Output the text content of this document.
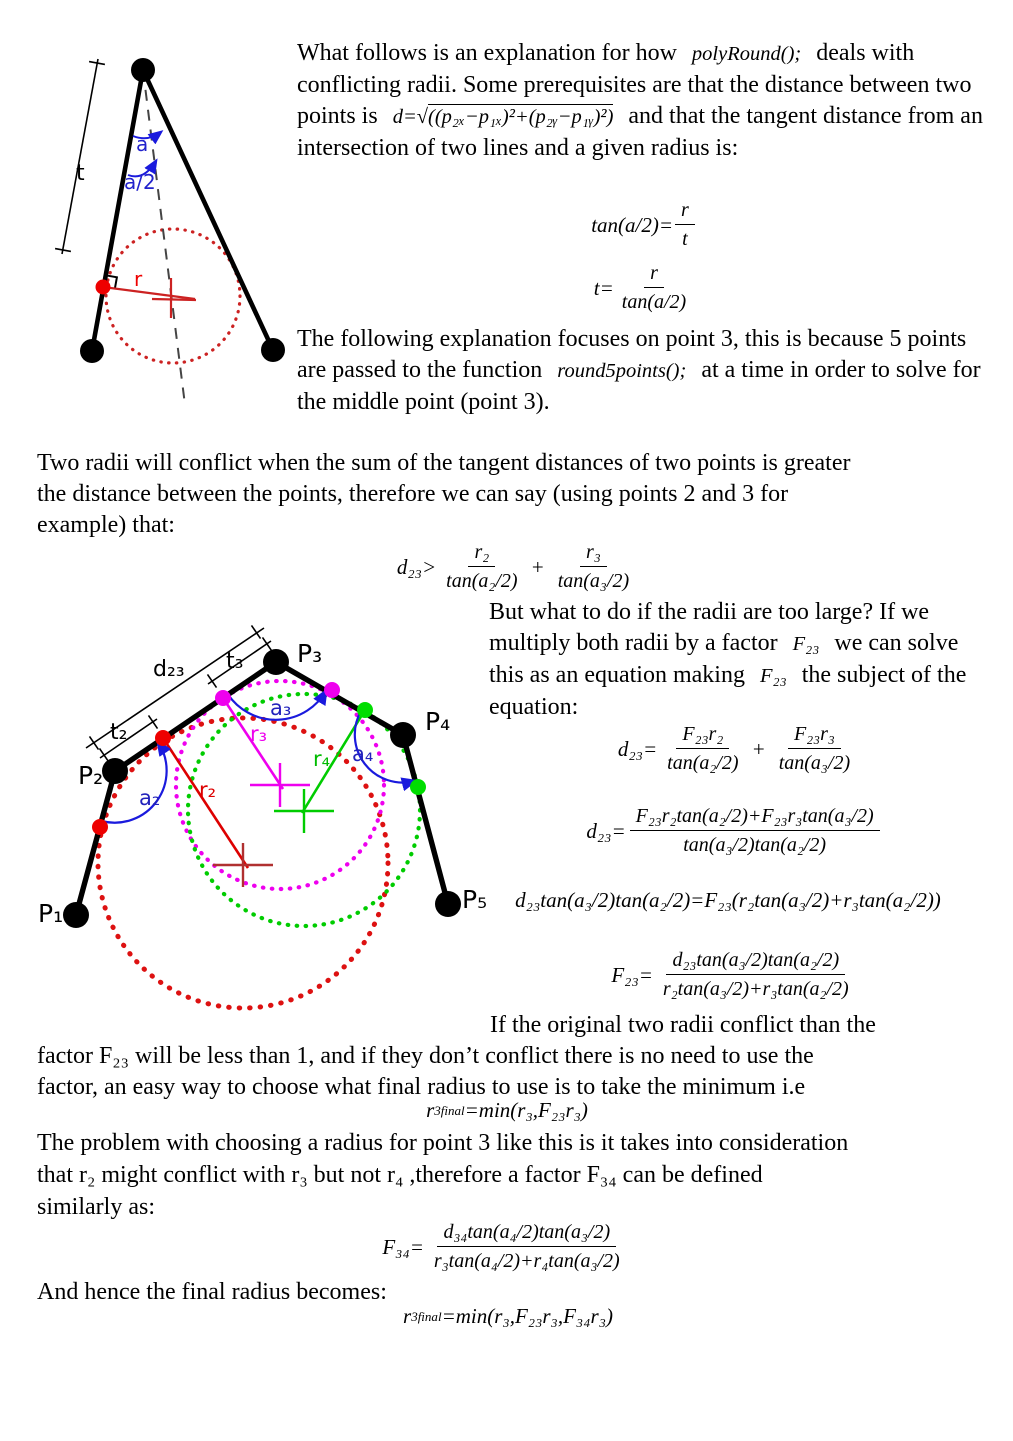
t
a
a/2
r
What follows is an explanation for how polyRound(); deals with conflicting radii. Some prerequisites are that the distance between two points is d=√((p₂ₓ−p₁ₓ)²+(p₂ᵧ−p₁ᵧ)²) and that the tangent distance from an intersection of two lines and a given radius is:
$\tan(a/2)= \frac{r}{t}$
$t= \frac{r}{\tan(a/2)}$
The following explanation focuses on point 3, this is because 5 points are passed to the function round5points(); at a time in order to solve for the middle point (point 3).
Two radii will conflict when the sum of the tangent distances of two points is greater
the distance between the points, therefore we can say (using points 2 and 3 for
example) that:
$d_{23}> \frac{\text{r₂}}{\text{tan(a₂/2)}} + \frac{\text{r₃}}{\text{tan(a₃/2)}}$
But what to do if the radii are too large? If we multiply both radii by a factor F₂₃ we can solve this as an equation making F₂₃ the subject of the equation:
P₁
P₂
P₃
P₄
P₅
d₂₃ t₃
t₂
a₂
a₃
a₄
r₂
r₃
r₄	$d_{23}= \frac{\text{F₂₃r₂}}{\text{tan(a₂/2)}} + \frac{\text{F₂₃r₃}}{\text{tan(a₃/2)}}$
$d_{23}= \frac{\text{F₂₃r₂tan(a₂/2)+F₂₃r₃tan(a₃/2)}}{\text{tan(a₃/2)tan(a₂/2)}}$
d₂₃tan(a₃/2)tan(a₂/2)=F₂₃(r₂tan(a₃/2)+r₃tan(a₂/2))
$F_{23}= \frac{\text{d₂₃tan(a₃/2)tan(a₂/2)}}{\text{r₂tan(a₃/2)+r₃tan(a₂/2)}}$
If the original two radii conflict than the
factor F₂₃ will be less than 1, and if they don’t conflict there is no need to use the
factor, an easy way to choose what final radius to use is to take the minimum i.e
r 3final =min(r₃,F₂₃r₃)
The problem with choosing a radius for point 3 like this is it takes into consideration
that r₂ might conflict with r₃ but not r₄ ,therefore a factor F₃₄ can be defined
similarly as:
$F_{34}= \frac{\text{d₃₄tan(a₄/2)tan(a₃/2)}}{\text{r₃tan(a₄/2)+r₄tan(a₃/2)}}$
And hence the final radius becomes:
r 3final =min(r₃,F₂₃r₃,F₃₄r₃)
